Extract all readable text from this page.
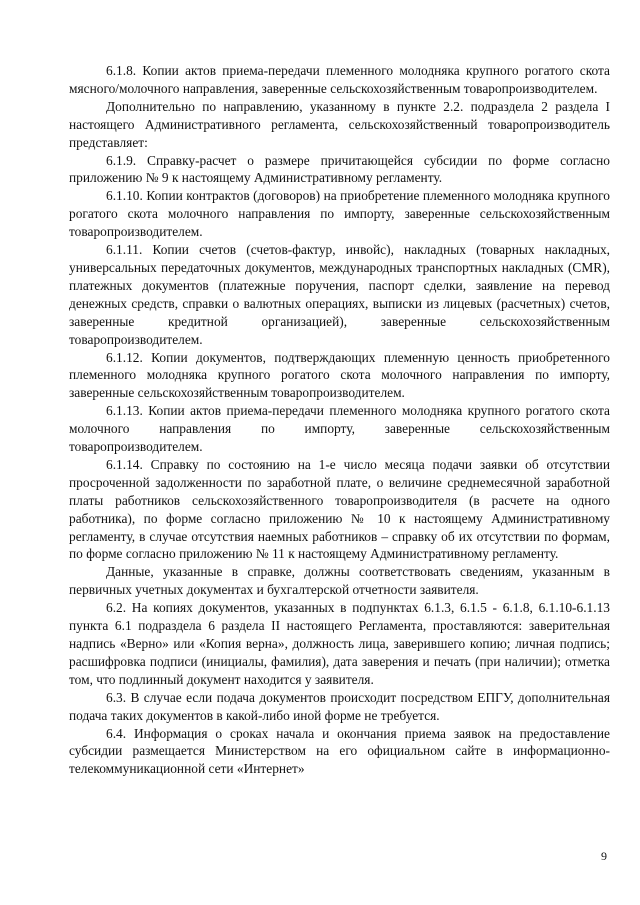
6.1.8. Копии актов приема-передачи племенного молодняка крупного рогатого скота мясного/молочного направления, заверенные сельскохозяйственным товаропроизводителем.

Дополнительно по направлению, указанному в пункте 2.2. подраздела 2 раздела I настоящего Административного регламента, сельскохозяйственный товаропроизводитель представляет:

6.1.9. Справку-расчет о размере причитающейся субсидии по форме согласно приложению № 9 к настоящему Административному регламенту.

6.1.10. Копии контрактов (договоров) на приобретение племенного молодняка крупного рогатого скота молочного направления по импорту, заверенные сельскохозяйственным товаропроизводителем.

6.1.11. Копии счетов (счетов-фактур, инвойс), накладных (товарных накладных, универсальных передаточных документов, международных транспортных накладных (CMR), платежных документов (платежные поручения, паспорт сделки, заявление на перевод денежных средств, справки о валютных операциях, выписки из лицевых (расчетных) счетов, заверенные кредитной организацией), заверенные сельскохозяйственным товаропроизводителем.

6.1.12. Копии документов, подтверждающих племенную ценность приобретенного племенного молодняка крупного рогатого скота молочного направления по импорту, заверенные сельскохозяйственным товаропроизводителем.

6.1.13. Копии актов приема-передачи племенного молодняка крупного рогатого скота молочного направления по импорту, заверенные сельскохозяйственным товаропроизводителем.

6.1.14. Справку по состоянию на 1-е число месяца подачи заявки об отсутствии просроченной задолженности по заработной плате, о величине среднемесячной заработной платы работников сельскохозяйственного товаропроизводителя (в расчете на одного работника), по форме согласно приложению № 10 к настоящему Административному регламенту, в случае отсутствия наемных работников – справку об их отсутствии по формам, по форме согласно приложению № 11 к настоящему Административному регламенту.

Данные, указанные в справке, должны соответствовать сведениям, указанным в первичных учетных документах и бухгалтерской отчетности заявителя.

6.2. На копиях документов, указанных в подпунктах 6.1.3, 6.1.5 - 6.1.8, 6.1.10-6.1.13 пункта 6.1 подраздела 6 раздела II настоящего Регламента, проставляются: заверительная надпись «Верно» или «Копия верна», должность лица, заверившего копию; личная подпись; расшифровка подписи (инициалы, фамилия), дата заверения и печать (при наличии); отметка том, что подлинный документ находится у заявителя.

6.3. В случае если подача документов происходит посредством ЕПГУ, дополнительная подача таких документов в какой-либо иной форме не требуется.

6.4. Информация о сроках начала и окончания приема заявок на предоставление субсидии размещается Министерством на его официальном сайте в информационно-телекоммуникационной сети «Интернет»

9
